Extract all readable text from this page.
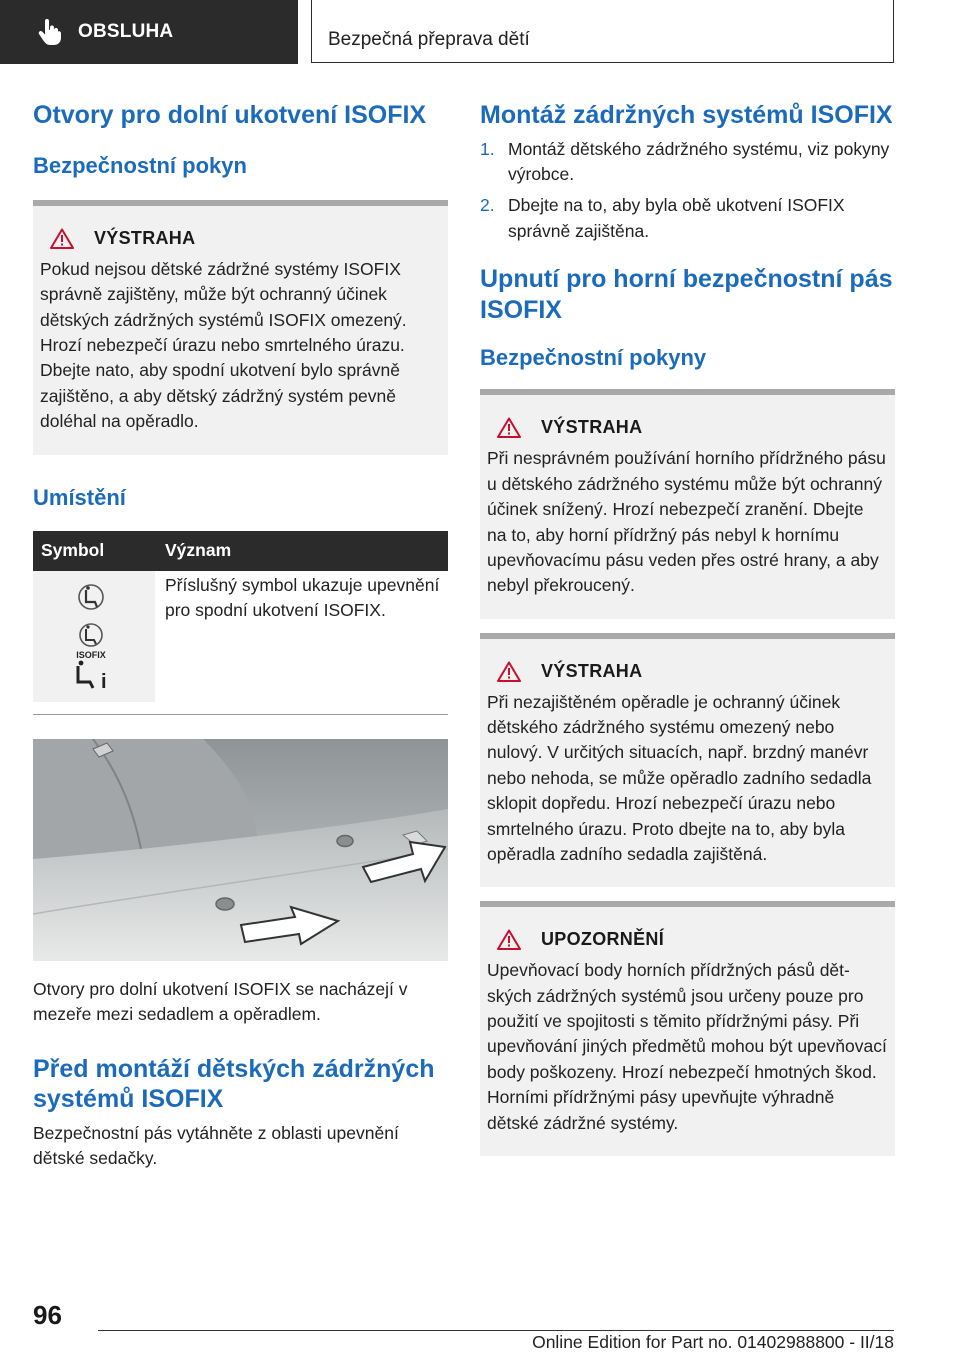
OBSLUHA	Bezpečná přeprava dětí
Otvory pro dolní ukotvení ISOFIX
Bezpečnostní pokyn
VÝSTRAHA

Pokud nejsou dětské zádržné systémy ISOFIX správně zajištěny, může být ochranný účinek dětských zádržných systémů ISOFIX omezený. Hrozí nebezpečí úrazu nebo smrtelného úrazu. Dbejte nato, aby spodní ukotvení bylo správně zajištěno, a aby dětský zádržný systém pevně doléhal na opěradlo.

Umístění
Symbol	Význam

ISOFIX
i	Příslušný symbol ukazuje upevnění pro spodní ukotvení ISOFIX.

Otvory pro dolní ukotvení ISOFIX se nacházejí v mezeře mezi sedadlem a opěradlem.

Před montáží dětských zádržných systémů ISOFIX

Bezpečnostní pás vytáhněte z oblasti upevnění dětské sedačky.

Montáž zádržných systémů ISOFIX
1. Montáž dětského zádržného systému, viz pokyny výrobce.
2. Dbejte na to, aby byla obě ukotvení ISOFIX správně zajištěna.
Upnutí pro horní bezpečnostní pás ISOFIX
Bezpečnostní pokyny
VÝSTRAHA

Při nesprávném používání horního přídržného pásu u dětského zádržného systému může být ochranný účinek snížený. Hrozí nebezpečí zranění. Dbejte na to, aby horní přídržný pás nebyl k hornímu upevňovacímu pásu veden přes ostré hrany, a aby nebyl překroucený.

VÝSTRAHA

Při nezajištěném opěradle je ochranný účinek dětského zádržného systému omezený nebo nulový. V určitých situacích, např. brzdný manévr nebo nehoda, se může opěradlo zadního sedadla sklopit dopředu. Hrozí nebezpečí úrazu nebo smrtelného úrazu. Proto dbejte na to, aby byla opěradla zadního sedadla zajištěná.

UPOZORNĚNÍ

Upevňovací body horních přídržných pásů dětských zádržných systémů jsou určeny pouze pro použití ve spojitosti s těmito přídržnými pásy. Při upevňování jiných předmětů mohou být upevňovací body poškozeny. Hrozí nebezpečí hmotných škod. Horními přídržnými pásy upevňujte výhradně dětské zádržné systémy.

96
Online Edition for Part no. 01402988800 - II/18
